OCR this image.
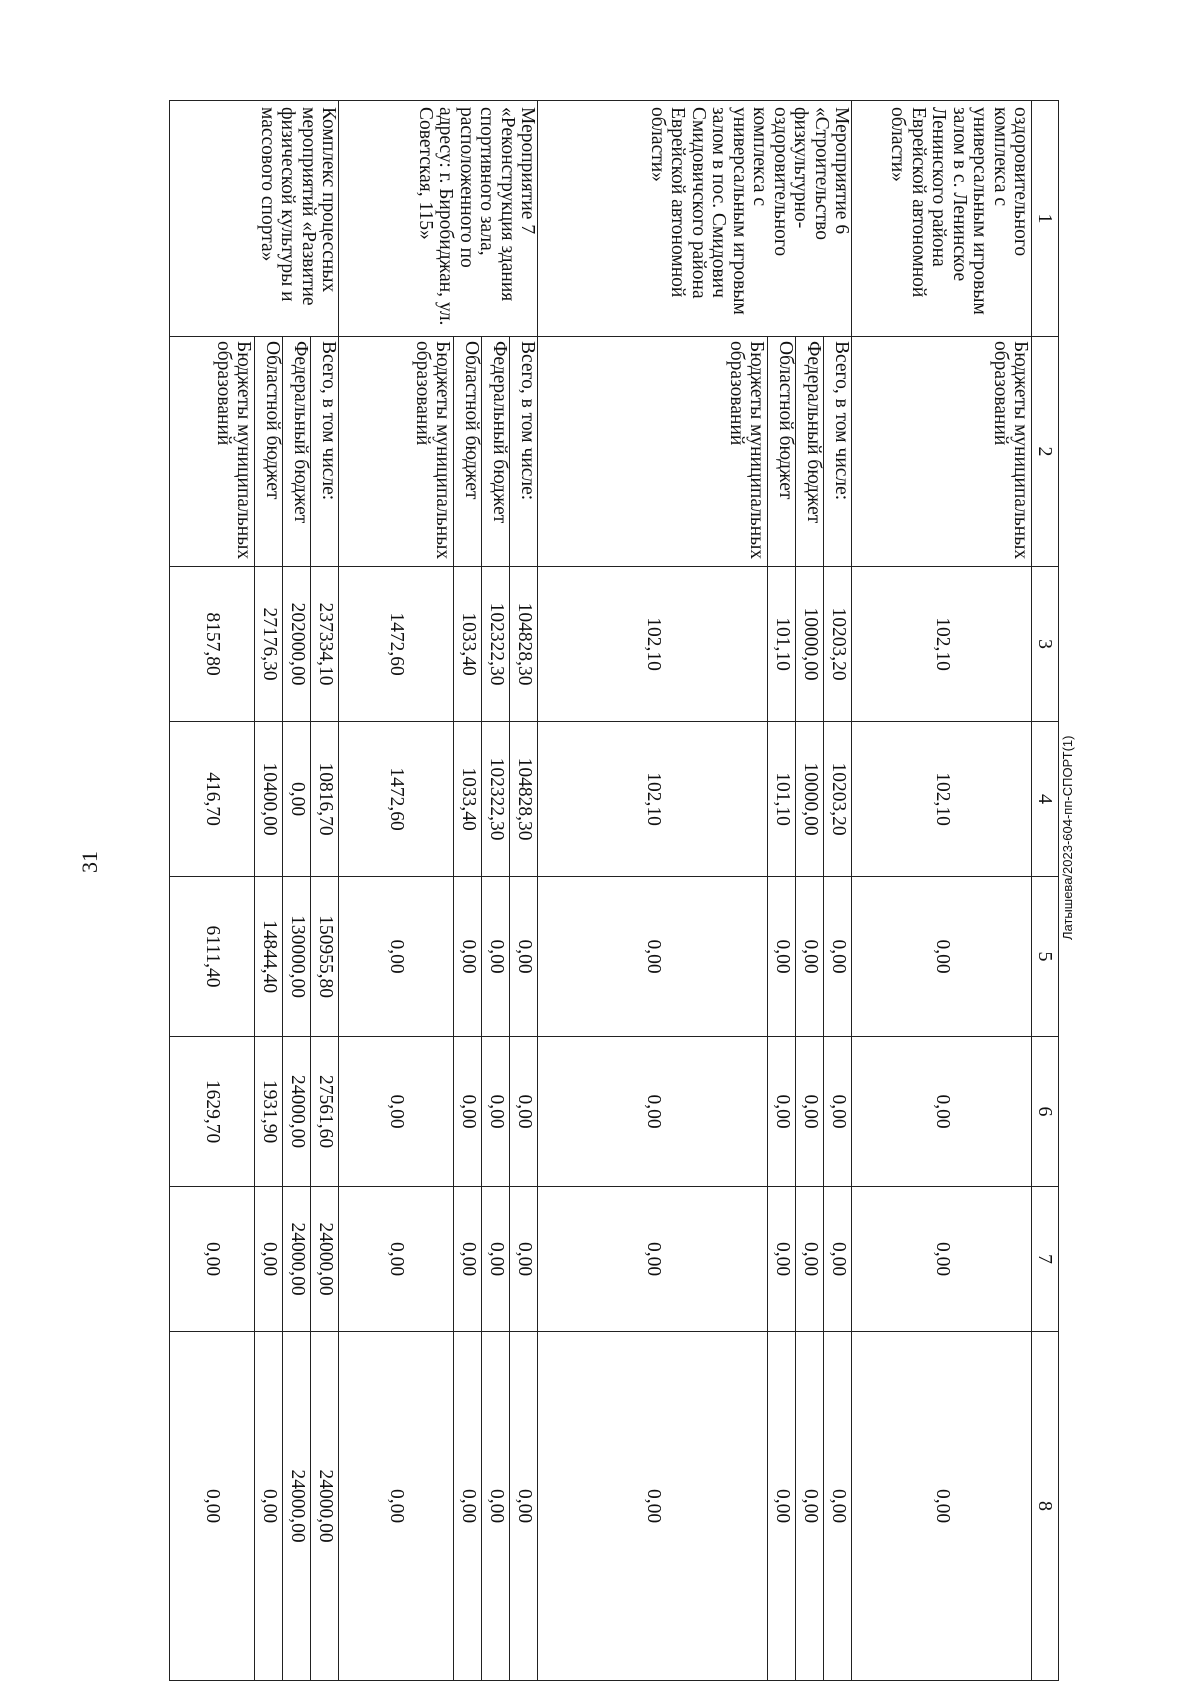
31
1	2	3	4	5	6	7	8
оздоровительного комплекса с универсальным игровым залом в с. Ленинское Ленинского района Еврейской автономной области»	Бюджеты муниципальных образований	102,10	102,10	0,00	0,00	0,00	0,00
Мероприятие 6 «Строительство физкультурно-оздоровительного комплекса с универсальным игровым залом в пос. Смидович Смидовичского района Еврейской автономной области»	Всего, в том числе:	10203,20	10203,20	0,00	0,00	0,00	0,00
	Федеральный бюджет	10000,00	10000,00	0,00	0,00	0,00	0,00
	Областной бюджет	101,10	101,10	0,00	0,00	0,00	0,00
	Бюджеты муниципальных образований	102,10	102,10	0,00	0,00	0,00	0,00
Мероприятие 7 «Реконструкция здания спортивного зала, расположенного по адресу: г. Биробиджан, ул. Советская, 115»	Всего, в том числе:	104828,30	104828,30	0,00	0,00	0,00	0,00
	Федеральный бюджет	102322,30	102322,30	0,00	0,00	0,00	0,00
	Областной бюджет	1033,40	1033,40	0,00	0,00	0,00	0,00
	Бюджеты муниципальных образований	1472,60	1472,60	0,00	0,00	0,00	0,00
Комплекс процессных мероприятий «Развитие физической культуры и массового спорта»	Всего, в том числе:	237334,10	10816,70	150955,80	27561,60	24000,00	24000,00
	Федеральный бюджет	202000,00	0,00	130000,00	24000,00	24000,00	24000,00
	Областной бюджет	27176,30	10400,00	14844,40	1931,90	0,00	0,00
	Бюджеты муниципальных образований	8157,80	416,70	6111,40	1629,70	0,00	0,00
Латышева/2023-604-пп-СПОРТ(1)
